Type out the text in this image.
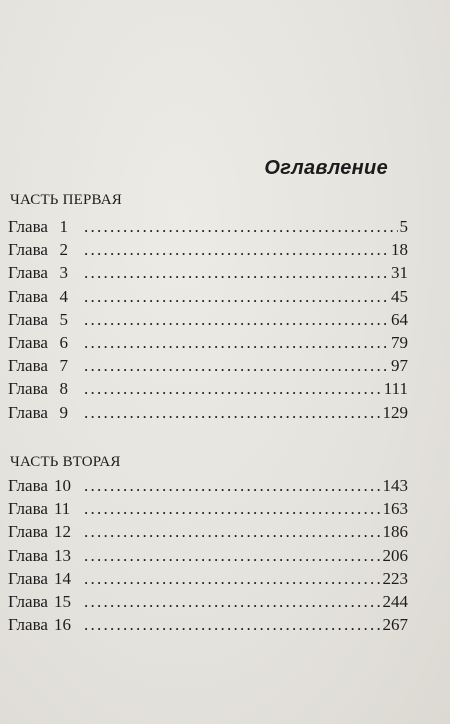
Оглавление
ЧАСТЬ ПЕРВАЯ
Глава 1 . . .	5
Глава 2 . . .	18
Глава 3 . . .	31
Глава 4 . . .	45
Глава 5 . . .	64
Глава 6 . . .	79
Глава 7 . . .	97
Глава 8 . . .	111
Глава 9 . . .	129
ЧАСТЬ ВТОРАЯ
Глава 10 . . .	143
Глава 11 . . .	163
Глава 12 . . .	186
Глава 13 . . .	206
Глава 14 . . .	223
Глава 15 . . .	244
Глава 16 . . .	267
